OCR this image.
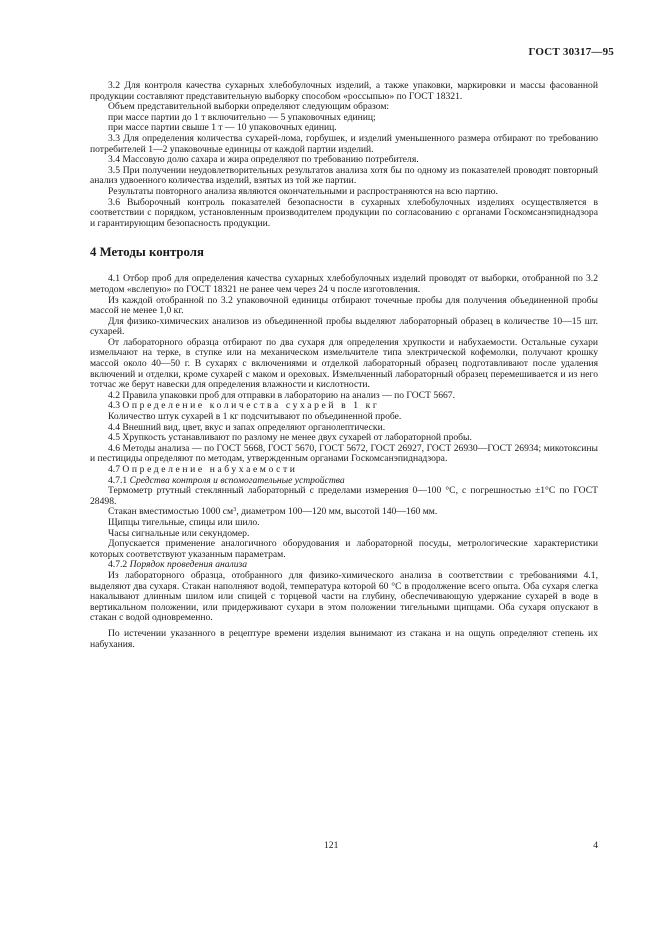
ГОСТ 30317—95

3.2 Для контроля качества сухарных хлебобулочных изделий, а также упаковки, маркировки и массы фасованной продукции составляют представительную выборку способом «россыпью» по ГОСТ 18321.

Объем представительной выборки определяют следующим образом:

при массе партии до 1 т включительно — 5 упаковочных единиц;

при массе партии свыше 1 т — 10 упаковочных единиц.

3.3 Для определения количества сухарей-лома, горбушек, и изделий уменьшенного размера отбирают по требованию потребителей 1—2 упаковочные единицы от каждой партии изделий.

3.4 Массовую долю сахара и жира определяют по требованию потребителя.

3.5 При получении неудовлетворительных результатов анализа хотя бы по одному из показателей проводят повторный анализ удвоенного количества изделий, взятых из той же партии.

Результаты повторного анализа являются окончательными и распространяются на всю партию.

3.6 Выборочный контроль показателей безопасности в сухарных хлебобулочных изделиях осуществляется в соответствии с порядком, установленным производителем продукции по согласованию с органами Госкомсанэпиднадзора и гарантирующим безопасность продукции.

4 Методы контроля

4.1 Отбор проб для определения качества сухарных хлебобулочных изделий проводят от выборки, отобранной по 3.2 методом «вслепую» по ГОСТ 18321 не ранее чем через 24 ч после изготовления.

Из каждой отобранной по 3.2 упаковочной единицы отбирают точечные пробы для получения объединенной пробы массой не менее 1,0 кг.

Для физико-химических анализов из объединенной пробы выделяют лабораторный образец в количестве 10—15 шт. сухарей.

От лабораторного образца отбирают по два сухаря для определения хрупкости и набухаемости. Остальные сухари измельчают на терке, в ступке или на механическом измельчителе типа электрической кофемолки, получают крошку массой около 40—50 г. В сухарях с включениями и отделкой лабораторный образец подготавливают после удаления включений и отделки, кроме сухарей с маком и ореховых. Измельченный лабораторный образец перемешивается и из него тотчас же берут навески для определения влажности и кислотности.

4.2 Правила упаковки проб для отправки в лабораторию на анализ — по ГОСТ 5667.

4.3 Определение количества сухарей в 1 кг

Количество штук сухарей в 1 кг подсчитывают по объединенной пробе.

4.4 Внешний вид, цвет, вкус и запах определяют органолептически.

4.5 Хрупкость устанавливают по разлому не менее двух сухарей от лабораторной пробы.

4.6 Методы анализа — по ГОСТ 5668, ГОСТ 5670, ГОСТ 5672, ГОСТ 26927, ГОСТ 26930—ГОСТ 26934; микотоксины и пестициды определяют по методам, утвержденным органами Госкомсанэпиднадзора.

4.7 Определение набухаемости

4.7.1 Средства контроля и вспомогательные устройства

Термометр ртутный стеклянный лабораторный с пределами измерения 0—100 °С, с погрешностью ±1°С по ГОСТ 28498.

Стакан вместимостью 1000 $см^3$, диаметром 100—120 мм, высотой 140—160 мм.

Щипцы тигельные, спицы или шило.

Часы сигнальные или секундомер.

Допускается применение аналогичного оборудования и лабораторной посуды, метрологические характеристики которых соответствуют указанным параметрам.

4.7.2 Порядок проведения анализа

Из лабораторного образца, отобранного для физико-химического анализа в соответствии с требованиями 4.1, выделяют два сухаря. Стакан наполняют водой, температура которой 60 °С в продолжение всего опыта. Оба сухаря слегка накалывают длинным шилом или спицей с торцевой части на глубину, обеспечивающую удержание сухарей в воде в вертикальном положении, или придерживают сухари в этом положении тигельными щипцами. Оба сухаря опускают в стакан с водой одновременно.

По истечении указанного в рецептуре времени изделия вынимают из стакана и на ощупь определяют степень их набухания.

121	4
